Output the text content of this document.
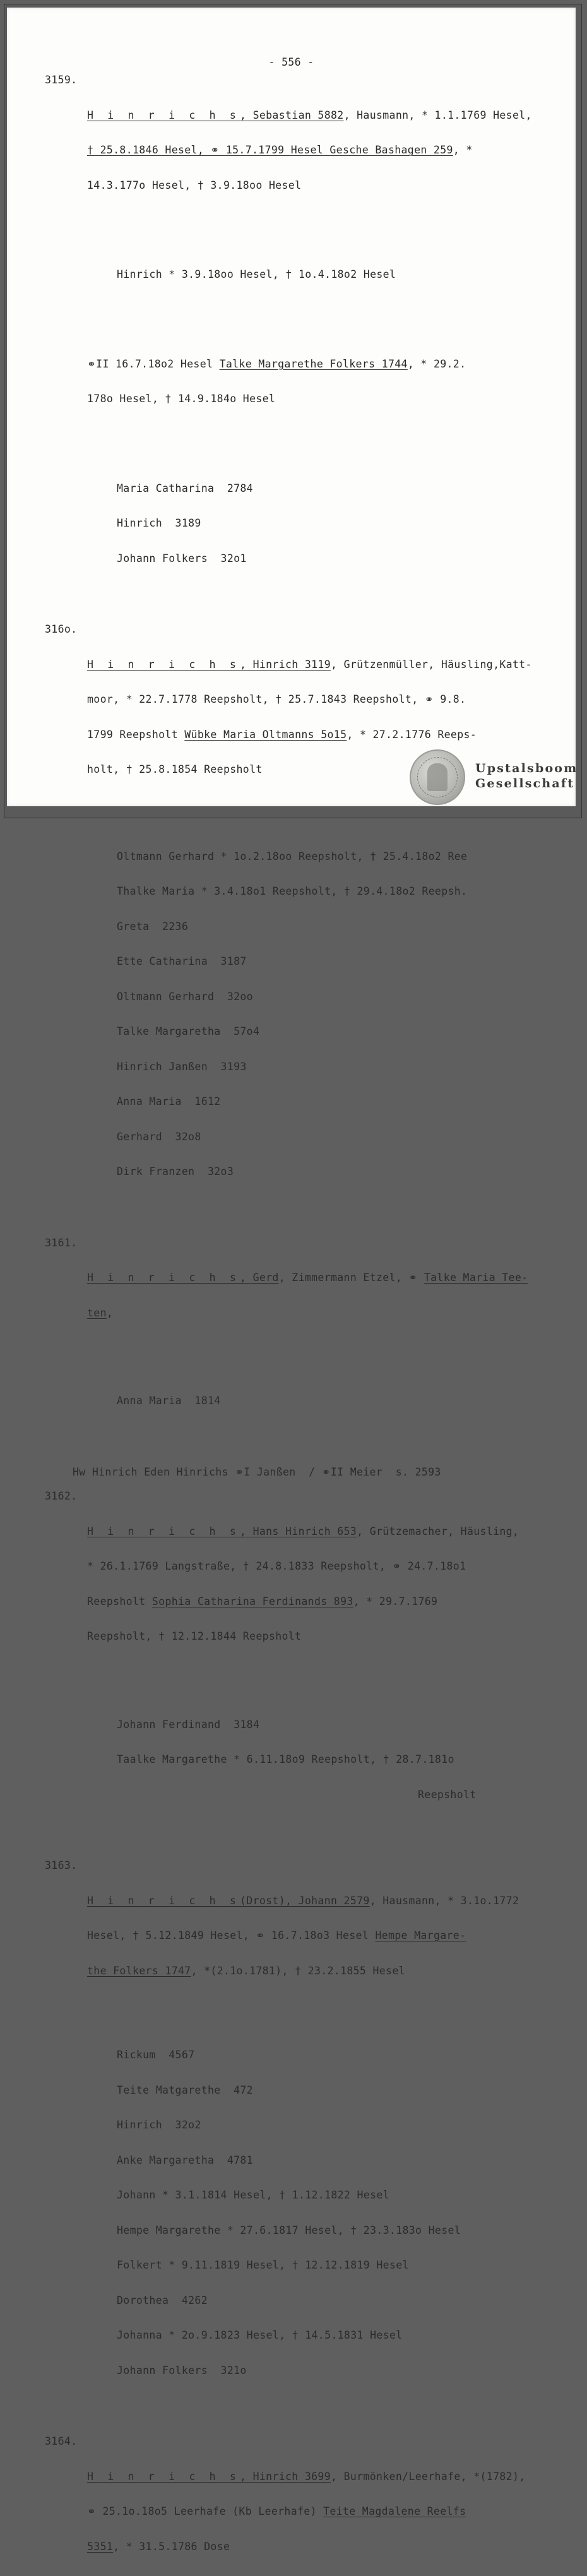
- 556 -

3159.

H i n r i c h s, Sebastian 5882, Hausmann, * 1.1.1769 Hesel,

† 25.8.1846 Hesel, ⚭ 15.7.1799 Hesel Gesche Bashagen 259, *

14.3.177o Hesel, † 3.9.18oo Hesel

Hinrich * 3.9.18oo Hesel, † 1o.4.18o2 Hesel

⚭II 16.7.18o2 Hesel Talke Margarethe Folkers 1744, * 29.2.

178o Hesel, † 14.9.184o Hesel

Maria Catharina  2784

Hinrich  3189

Johann Folkers  32o1

316o.

H i n r i c h s, Hinrich 3119, Grützenmüller, Häusling,Katt-

moor, * 22.7.1778 Reepsholt, † 25.7.1843 Reepsholt, ⚭ 9.8.

1799 Reepsholt Wübke Maria Oltmanns 5o15, * 27.2.1776 Reeps-

holt, † 25.8.1854 Reepsholt

Oltmann Gerhard * 1o.2.18oo Reepsholt, † 25.4.18o2 Ree

Thalke Maria * 3.4.18o1 Reepsholt, † 29.4.18o2 Reepsh.

Greta  2236

Ette Catharina  3187

Oltmann Gerhard  32oo

Talke Margaretha  57o4

Hinrich Janßen  3193

Anna Maria  1612

Gerhard  32o8

Dirk Franzen  32o3

3161.

H i n r i c h s, Gerd, Zimmermann Etzel, ⚭ Talke Maria Tee-

ten,

Anna Maria  1814

Hw Hinrich Eden Hinrichs ⚭I Janßen  / ⚭II Meier  s. 2593

3162.

H i n r i c h s, Hans Hinrich 653, Grützemacher, Häusling,

* 26.1.1769 Langstraße, † 24.8.1833 Reepsholt, ⚭ 24.7.18o1

Reepsholt Sophia Catharina Ferdinands 893, * 29.7.1769

Reepsholt, † 12.12.1844 Reepsholt

Johann Ferdinand  3184

Taalke Margarethe * 6.11.18o9 Reepsholt, † 28.7.181o

Reepsholt

3163.

H i n r i c h s(Drost), Johann 2579, Hausmann, * 3.1o.1772

Hesel, † 5.12.1849 Hesel, ⚭ 16.7.18o3 Hesel Hempe Margare-

the Folkers 1747, *(2.1o.1781), † 23.2.1855 Hesel

Rickum  4567

Teite Matgarethe  472

Hinrich  32o2

Anke Margaretha  4781

Johann * 3.1.1814 Hesel, † 1.12.1822 Hesel

Hempe Margarethe * 27.6.1817 Hesel, † 23.3.183o Hesel

Folkert * 9.11.1819 Hesel, † 12.12.1819 Hesel

Dorothea  4262

Johanna * 2o.9.1823 Hesel, † 14.5.1831 Hesel

Johann Folkers  321o

3164.

H i n r i c h s, Hinrich 3699, Burmönken/Leerhafe, *(1782),

⚭ 25.1o.18o5 Leerhafe (Kb Leerhafe) Teite Magdalene Reelfs

5351, * 31.5.1786 Dose

Upstalsboom
Gesellschaft
